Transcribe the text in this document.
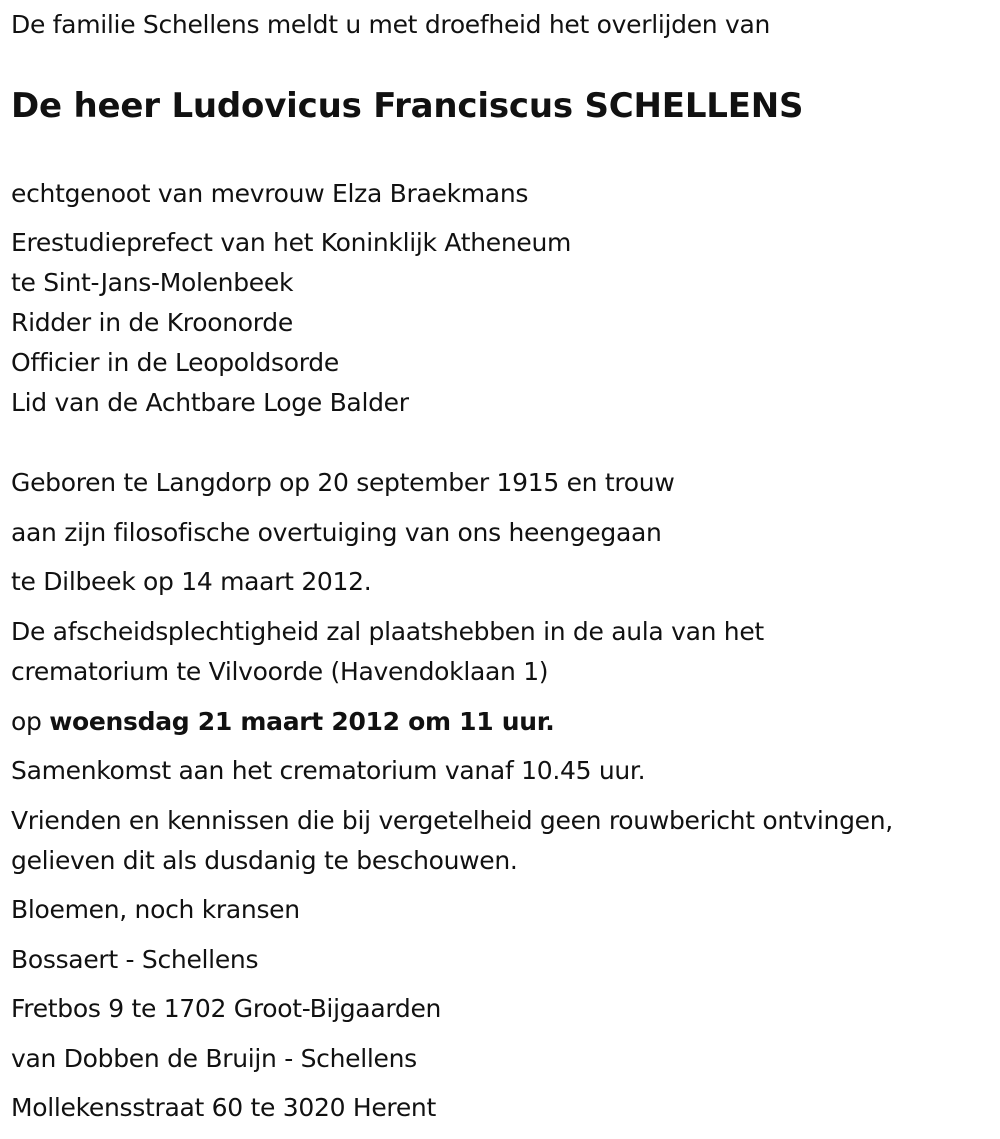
De familie Schellens meldt u met droefheid het overlijden van
De heer Ludovicus Franciscus SCHELLENS
echtgenoot van mevrouw Elza Braekmans
Erestudieprefect van het Koninklijk Atheneum
te Sint-Jans-Molenbeek
Ridder in de Kroonorde
Officier in de Leopoldsorde
Lid van de Achtbare Loge Balder
Geboren te Langdorp op 20 september 1915 en trouw
aan zijn filosofische overtuiging van ons heengegaan
te Dilbeek op 14 maart 2012.
De afscheidsplechtigheid zal plaatshebben in de aula van het
crematorium te Vilvoorde (Havendoklaan 1)
op woensdag 21 maart 2012 om 11 uur.
Samenkomst aan het crematorium vanaf 10.45 uur.
Vrienden en kennissen die bij vergetelheid geen rouwbericht ontvingen,
gelieven dit als dusdanig te beschouwen.
Bloemen, noch kransen
Bossaert - Schellens
Fretbos 9 te 1702 Groot-Bijgaarden
van Dobben de Bruijn - Schellens
Mollekensstraat 60 te 3020 Herent
